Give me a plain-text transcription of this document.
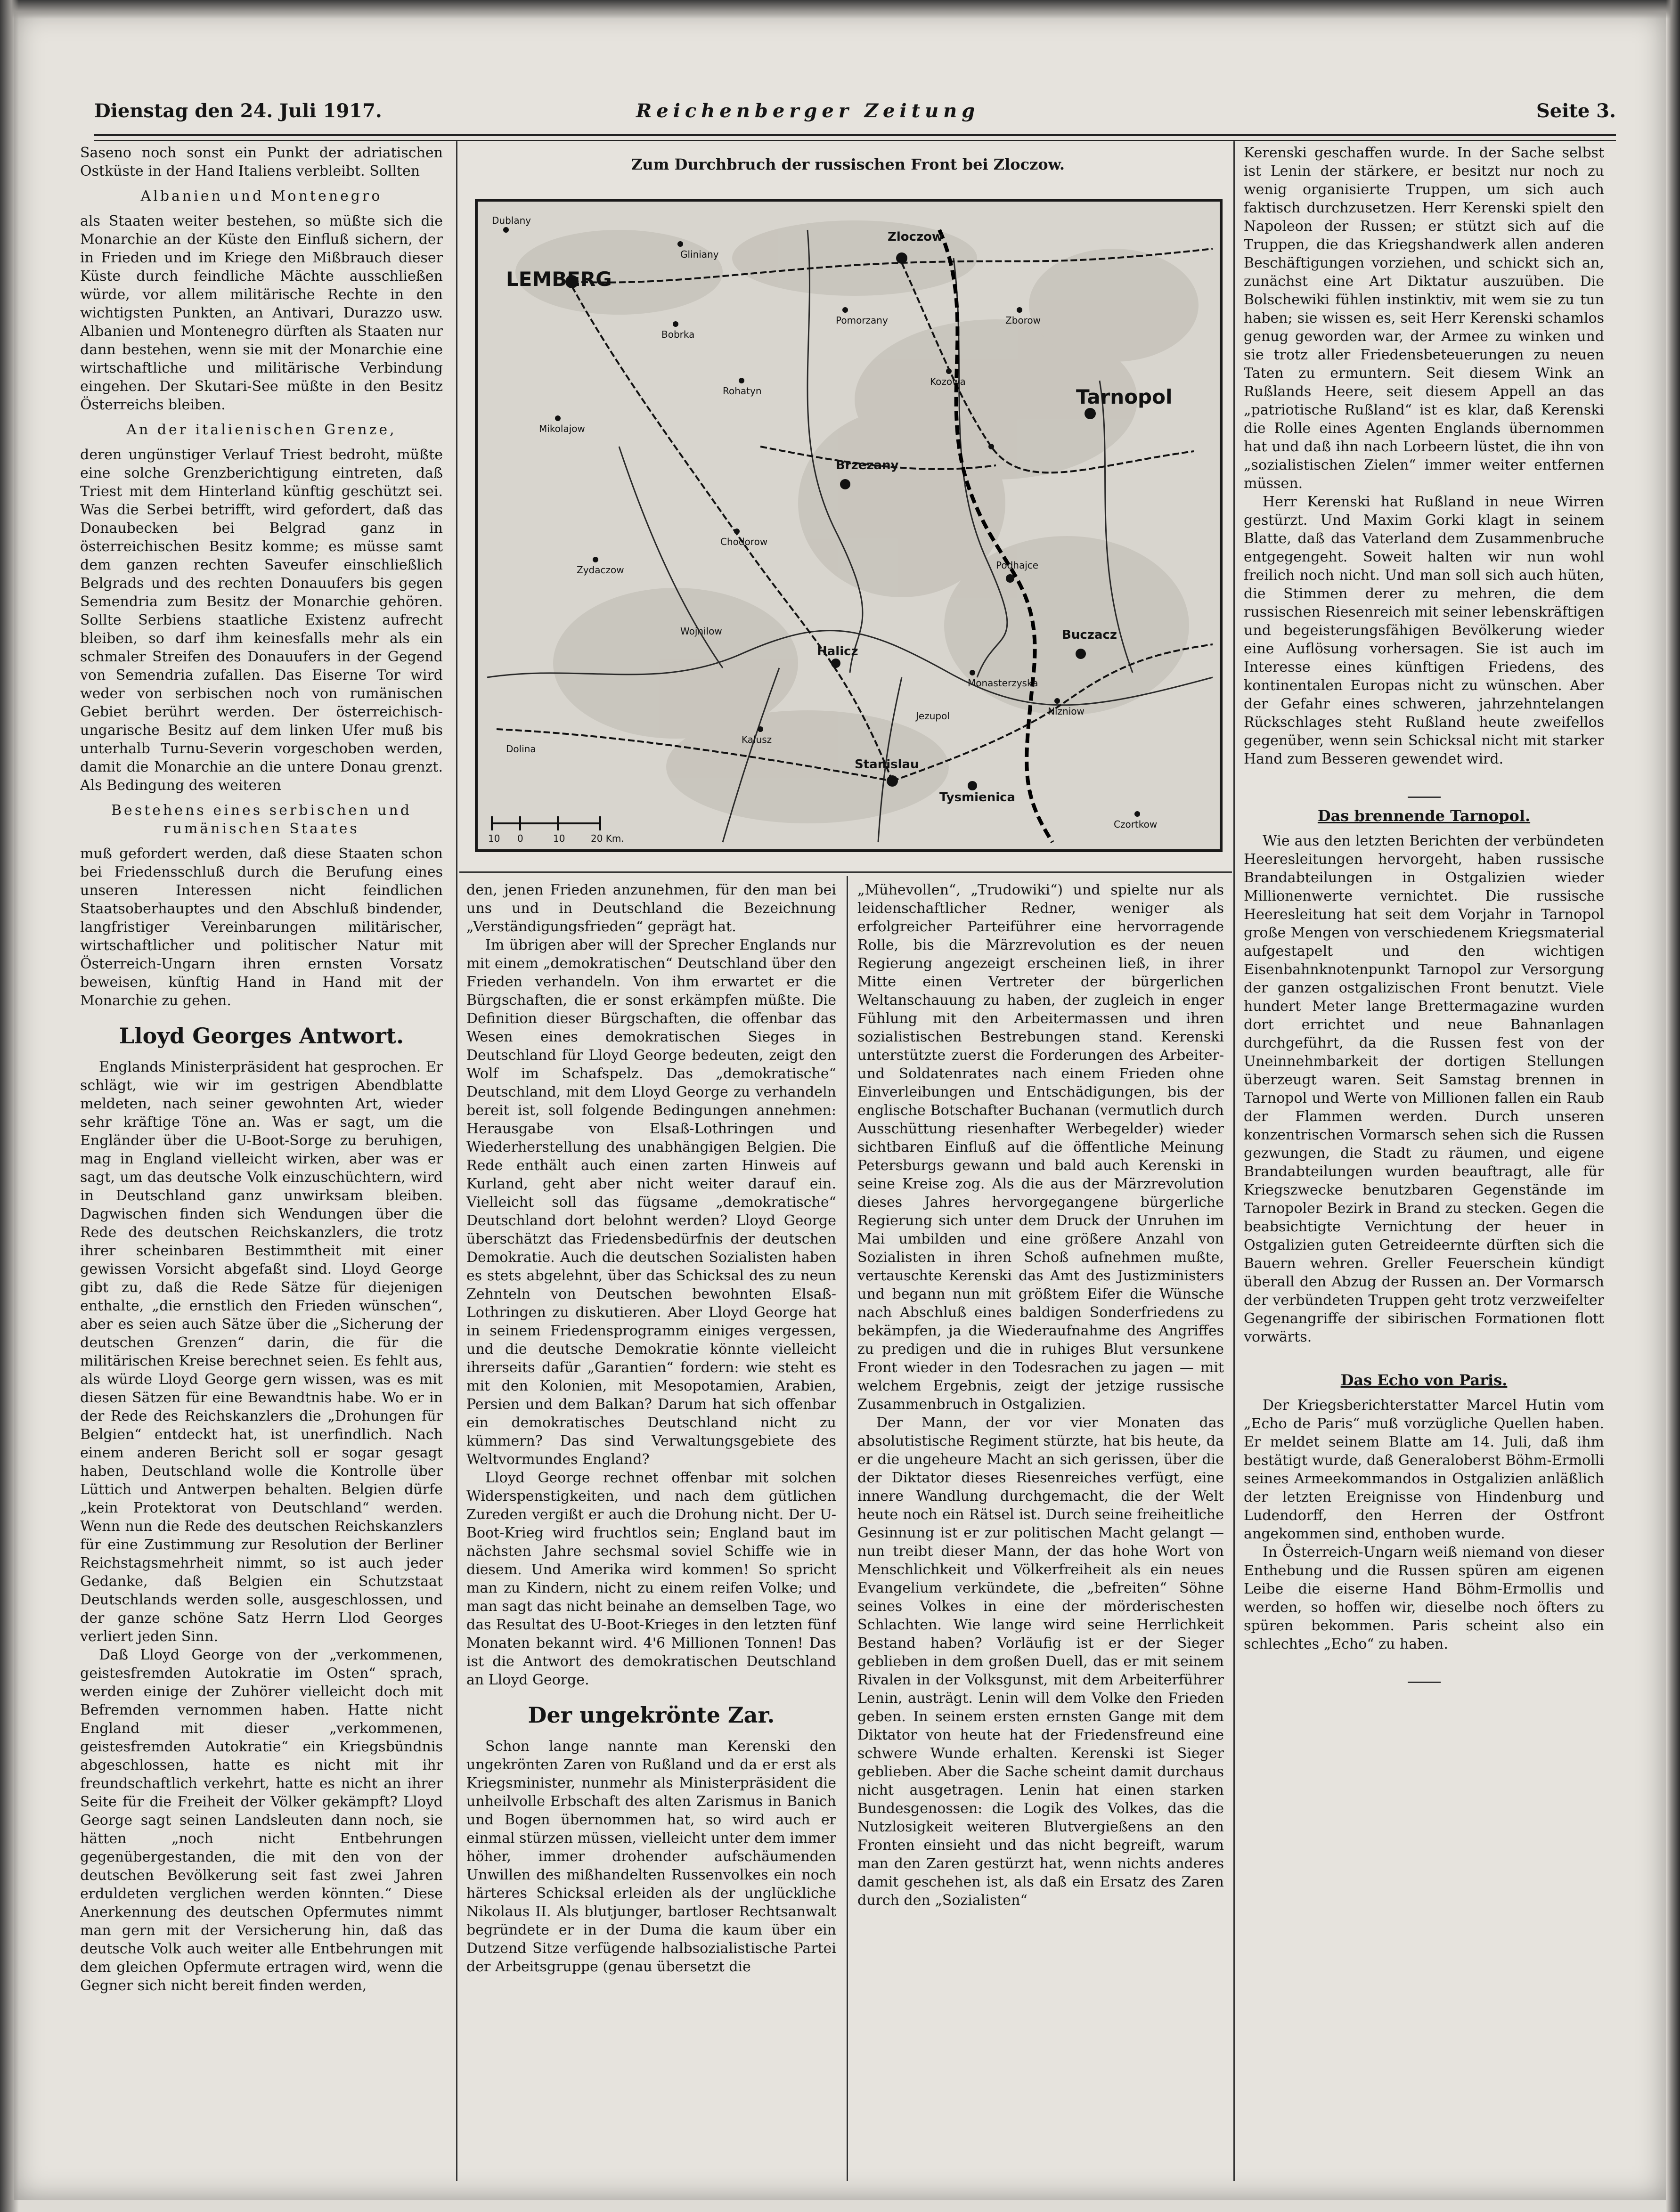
Dienstag den 24. Juli 1917.	Reichenberger Zeitung	Seite 3.

Saseno noch sonst ein Punkt der adriatischen Ostküste in der Hand Italiens verbleibt. Sollten

Albanien und Montenegro

als Staaten weiter bestehen, so müßte sich die Monarchie an der Küste den Einfluß sichern, der in Frieden und im Kriege den Mißbrauch dieser Küste durch feindliche Mächte ausschließen würde, vor allem militärische Rechte in den wichtigsten Punkten, an Antivari, Durazzo usw. Albanien und Montenegro dürften als Staaten nur dann bestehen, wenn sie mit der Monarchie eine wirtschaftliche und militärische Verbindung eingehen. Der Skutari-See müßte in den Besitz Österreichs bleiben.

An der italienischen Grenze,

deren ungünstiger Verlauf Triest bedroht, müßte eine solche Grenzberichtigung eintreten, daß Triest mit dem Hinterland künftig geschützt sei. Was die Serbei betrifft, wird gefordert, daß das Donaubecken bei Belgrad ganz in österreichischen Besitz komme; es müsse samt dem ganzen rechten Saveufer einschließlich Belgrads und des rechten Donauufers bis gegen Semendria zum Besitz der Monarchie gehören. Sollte Serbiens staatliche Existenz aufrecht bleiben, so darf ihm keinesfalls mehr als ein schmaler Streifen des Donauufers in der Gegend von Semendria zufallen. Das Eiserne Tor wird weder von serbischen noch von rumänischen Gebiet berührt werden. Der österreichisch-ungarische Besitz auf dem linken Ufer muß bis unterhalb Turnu-Severin vorgeschoben werden, damit die Monarchie an die untere Donau grenzt. Als Bedingung des weiteren

Bestehens eines serbischen und rumänischen Staates

muß gefordert werden, daß diese Staaten schon bei Friedensschluß durch die Berufung eines unseren Interessen nicht feindlichen Staatsoberhauptes und den Abschluß bindender, langfristiger Vereinbarungen militärischer, wirtschaftlicher und politischer Natur mit Österreich-Ungarn ihren ernsten Vorsatz beweisen, künftig Hand in Hand mit der Monarchie zu gehen.

Lloyd Georges Antwort.

Englands Ministerpräsident hat gesprochen. Er schlägt, wie wir im gestrigen Abendblatte meldeten, nach seiner gewohnten Art, wieder sehr kräftige Töne an. Was er sagt, um die Engländer über die U-Boot-Sorge zu beruhigen, mag in England vielleicht wirken, aber was er sagt, um das deutsche Volk einzuschüchtern, wird in Deutschland ganz unwirksam bleiben. Dagwischen finden sich Wendungen über die Rede des deutschen Reichskanzlers, die trotz ihrer scheinbaren Bestimmtheit mit einer gewissen Vorsicht abgefaßt sind. Lloyd George gibt zu, daß die Rede Sätze für diejenigen enthalte, „die ernstlich den Frieden wünschen“, aber es seien auch Sätze über die „Sicherung der deutschen Grenzen“ darin, die für die militärischen Kreise berechnet seien. Es fehlt aus, als würde Lloyd George gern wissen, was es mit diesen Sätzen für eine Bewandtnis habe. Wo er in der Rede des Reichskanzlers die „Drohungen für Belgien“ entdeckt hat, ist unerfindlich. Nach einem anderen Bericht soll er sogar gesagt haben, Deutschland wolle die Kontrolle über Lüttich und Antwerpen behalten. Belgien dürfe „kein Protektorat von Deutschland“ werden. Wenn nun die Rede des deutschen Reichskanzlers für eine Zustimmung zur Resolution der Berliner Reichstagsmehrheit nimmt, so ist auch jeder Gedanke, daß Belgien ein Schutzstaat Deutschlands werden solle, ausgeschlossen, und der ganze schöne Satz Herrn Llod Georges verliert jeden Sinn.

Daß Lloyd George von der „verkommenen, geistesfremden Autokratie im Osten“ sprach, werden einige der Zuhörer vielleicht doch mit Befremden vernommen haben. Hatte nicht England mit dieser „verkommenen, geistesfremden Autokratie“ ein Kriegsbündnis abgeschlossen, hatte es nicht mit ihr freundschaftlich verkehrt, hatte es nicht an ihrer Seite für die Freiheit der Völker gekämpft? Lloyd George sagt seinen Landsleuten dann noch, sie hätten „noch nicht Entbehrungen gegenübergestanden, die mit den von der deutschen Bevölkerung seit fast zwei Jahren erduldeten verglichen werden könnten.“ Diese Anerkennung des deutschen Opfermutes nimmt man gern mit der Versicherung hin, daß das deutsche Volk auch weiter alle Entbehrungen mit dem gleichen Opfermute ertragen wird, wenn die Gegner sich nicht bereit finden werden,

Zum Durchbruch der russischen Front bei Zloczow.
LEMBERG
Zloczow
Tarnopol
Brzezany
Halicz
Stanislau
Tysmienica
Buczacz
Podhajce
Dublany
Gliniany
Bobrka
Chodorow
Rohatyn
Kozowa
Zborow
Pomorzany
Zydaczow
Kalusz
Monasterzyska
Mikolajow
Dolina
Wojnilow
Jezupol
Czortkow
Nizniow
10 0	10	20 Km.

den, jenen Frieden anzunehmen, für den man bei uns und in Deutschland die Bezeichnung „Verständigungsfrieden“ geprägt hat.

Im übrigen aber will der Sprecher Englands nur mit einem „demokratischen“ Deutschland über den Frieden verhandeln. Von ihm erwartet er die Bürgschaften, die er sonst erkämpfen müßte. Die Definition dieser Bürgschaften, die offenbar das Wesen eines demokratischen Sieges in Deutschland für Lloyd George bedeuten, zeigt den Wolf im Schafspelz. Das „demokratische“ Deutschland, mit dem Lloyd George zu verhandeln bereit ist, soll folgende Bedingungen annehmen: Herausgabe von Elsaß-Lothringen und Wiederherstellung des unabhängigen Belgien. Die Rede enthält auch einen zarten Hinweis auf Kurland, geht aber nicht weiter darauf ein. Vielleicht soll das fügsame „demokratische“ Deutschland dort belohnt werden? Lloyd George überschätzt das Friedensbedürfnis der deutschen Demokratie. Auch die deutschen Sozialisten haben es stets abgelehnt, über das Schicksal des zu neun Zehnteln von Deutschen bewohnten Elsaß-Lothringen zu diskutieren. Aber Lloyd George hat in seinem Friedensprogramm einiges vergessen, und die deutsche Demokratie könnte vielleicht ihrerseits dafür „Garantien“ fordern: wie steht es mit den Kolonien, mit Mesopotamien, Arabien, Persien und dem Balkan? Darum hat sich offenbar ein demokratisches Deutschland nicht zu kümmern? Das sind Verwaltungsgebiete des Weltvormundes England?

Lloyd George rechnet offenbar mit solchen Widerspenstigkeiten, und nach dem gütlichen Zureden vergißt er auch die Drohung nicht. Der U-Boot-Krieg wird fruchtlos sein; England baut im nächsten Jahre sechsmal soviel Schiffe wie in diesem. Und Amerika wird kommen! So spricht man zu Kindern, nicht zu einem reifen Volke; und man sagt das nicht beinahe an demselben Tage, wo das Resultat des U-Boot-Krieges in den letzten fünf Monaten bekannt wird. 4'6 Millionen Tonnen! Das ist die Antwort des demokratischen Deutschland an Lloyd George.

Der ungekrönte Zar.

Schon lange nannte man Kerenski den ungekrönten Zaren von Rußland und da er erst als Kriegsminister, nunmehr als Ministerpräsident die unheilvolle Erbschaft des alten Zarismus in Banich und Bogen übernommen hat, so wird auch er einmal stürzen müssen, vielleicht unter dem immer höher, immer drohender aufschäumenden Unwillen des mißhandelten Russenvolkes ein noch härteres Schicksal erleiden als der unglückliche Nikolaus II. Als blutjunger, bartloser Rechtsanwalt begründete er in der Duma die kaum über ein Dutzend Sitze verfügende halbsozialistische Partei der Arbeitsgruppe (genau übersetzt die

„Mühevollen“, „Trudowiki“) und spielte nur als leidenschaftlicher Redner, weniger als erfolgreicher Parteiführer eine hervorragende Rolle, bis die Märzrevolution es der neuen Regierung angezeigt erscheinen ließ, in ihrer Mitte einen Vertreter der bürgerlichen Weltanschauung zu haben, der zugleich in enger Fühlung mit den Arbeitermassen und ihren sozialistischen Bestrebungen stand. Kerenski unterstützte zuerst die Forderungen des Arbeiter- und Soldatenrates nach einem Frieden ohne Einverleibungen und Entschädigungen, bis der englische Botschafter Buchanan (vermutlich durch Ausschüttung riesenhafter Werbegelder) wieder sichtbaren Einfluß auf die öffentliche Meinung Petersburgs gewann und bald auch Kerenski in seine Kreise zog. Als die aus der Märzrevolution dieses Jahres hervorgegangene bürgerliche Regierung sich unter dem Druck der Unruhen im Mai umbilden und eine größere Anzahl von Sozialisten in ihren Schoß aufnehmen mußte, vertauschte Kerenski das Amt des Justizministers und begann nun mit größtem Eifer die Wünsche nach Abschluß eines baldigen Sonderfriedens zu bekämpfen, ja die Wiederaufnahme des Angriffes zu predigen und die in ruhiges Blut versunkene Front wieder in den Todesrachen zu jagen — mit welchem Ergebnis, zeigt der jetzige russische Zusammenbruch in Ostgalizien.

Der Mann, der vor vier Monaten das absolutistische Regiment stürzte, hat bis heute, da er die ungeheure Macht an sich gerissen, über die der Diktator dieses Riesenreiches verfügt, eine innere Wandlung durchgemacht, die der Welt heute noch ein Rätsel ist. Durch seine freiheitliche Gesinnung ist er zur politischen Macht gelangt — nun treibt dieser Mann, der das hohe Wort von Menschlichkeit und Völkerfreiheit als ein neues Evangelium verkündete, die „befreiten“ Söhne seines Volkes in eine der mörderischesten Schlachten. Wie lange wird seine Herrlichkeit Bestand haben? Vorläufig ist er der Sieger geblieben in dem großen Duell, das er mit seinem Rivalen in der Volksgunst, mit dem Arbeiterführer Lenin, austrägt. Lenin will dem Volke den Frieden geben. In seinem ersten ernsten Gange mit dem Diktator von heute hat der Friedensfreund eine schwere Wunde erhalten. Kerenski ist Sieger geblieben. Aber die Sache scheint damit durchaus nicht ausgetragen. Lenin hat einen starken Bundesgenossen: die Logik des Volkes, das die Nutzlosigkeit weiteren Blutvergießens an den Fronten einsieht und das nicht begreift, warum man den Zaren gestürzt hat, wenn nichts anderes damit geschehen ist, als daß ein Ersatz des Zaren durch den „Sozialisten“

Kerenski geschaffen wurde. In der Sache selbst ist Lenin der stärkere, er besitzt nur noch zu wenig organisierte Truppen, um sich auch faktisch durchzusetzen. Herr Kerenski spielt den Napoleon der Russen; er stützt sich auf die Truppen, die das Kriegshandwerk allen anderen Beschäftigungen vorziehen, und schickt sich an, zunächst eine Art Diktatur auszuüben. Die Bolschewiki fühlen instinktiv, mit wem sie zu tun haben; sie wissen es, seit Herr Kerenski schamlos genug geworden war, der Armee zu winken und sie trotz aller Friedensbeteuerungen zu neuen Taten zu ermuntern. Seit diesem Wink an Rußlands Heere, seit diesem Appell an das „patriotische Rußland“ ist es klar, daß Kerenski die Rolle eines Agenten Englands übernommen hat und daß ihn nach Lorbeern lüstet, die ihn von „sozialistischen Zielen“ immer weiter entfernen müssen.

Herr Kerenski hat Rußland in neue Wirren gestürzt. Und Maxim Gorki klagt in seinem Blatte, daß das Vaterland dem Zusammenbruche entgegengeht. Soweit halten wir nun wohl freilich noch nicht. Und man soll sich auch hüten, die Stimmen derer zu mehren, die dem russischen Riesenreich mit seiner lebenskräftigen und begeisterungsfähigen Bevölkerung wieder eine Auflösung vorhersagen. Sie ist auch im Interesse eines künftigen Friedens, des kontinentalen Europas nicht zu wünschen. Aber der Gefahr eines schweren, jahrzehntelangen Rückschlages steht Rußland heute zweifellos gegenüber, wenn sein Schicksal nicht mit starker Hand zum Besseren gewendet wird.

Das brennende Tarnopol.

Wie aus den letzten Berichten der verbündeten Heeresleitungen hervorgeht, haben russische Brandabteilungen in Ostgalizien wieder Millionenwerte vernichtet. Die russische Heeresleitung hat seit dem Vorjahr in Tarnopol große Mengen von verschiedenem Kriegsmaterial aufgestapelt und den wichtigen Eisenbahnknotenpunkt Tarnopol zur Versorgung der ganzen ostgalizischen Front benutzt. Viele hundert Meter lange Brettermagazine wurden dort errichtet und neue Bahnanlagen durchgeführt, da die Russen fest von der Uneinnehmbarkeit der dortigen Stellungen überzeugt waren. Seit Samstag brennen in Tarnopol und Werte von Millionen fallen ein Raub der Flammen werden. Durch unseren konzentrischen Vormarsch sehen sich die Russen gezwungen, die Stadt zu räumen, und eigene Brandabteilungen wurden beauftragt, alle für Kriegszwecke benutzbaren Gegenstände im Tarnopoler Bezirk in Brand zu stecken. Gegen die beabsichtigte Vernichtung der heuer in Ostgalizien guten Getreideernte dürften sich die Bauern wehren. Greller Feuerschein kündigt überall den Abzug der Russen an. Der Vormarsch der verbündeten Truppen geht trotz verzweifelter Gegenangriffe der sibirischen Formationen flott vorwärts.

Das Echo von Paris.

Der Kriegsberichterstatter Marcel Hutin vom „Echo de Paris“ muß vorzügliche Quellen haben. Er meldet seinem Blatte am 14. Juli, daß ihm bestätigt wurde, daß Generaloberst Böhm-Ermolli seines Armeekommandos in Ostgalizien anläßlich der letzten Ereignisse von Hindenburg und Ludendorff, den Herren der Ostfront angekommen sind, enthoben wurde.

In Österreich-Ungarn weiß niemand von dieser Enthebung und die Russen spüren am eigenen Leibe die eiserne Hand Böhm-Ermollis und werden, so hoffen wir, dieselbe noch öfters zu spüren bekommen. Paris scheint also ein schlechtes „Echo“ zu haben.
